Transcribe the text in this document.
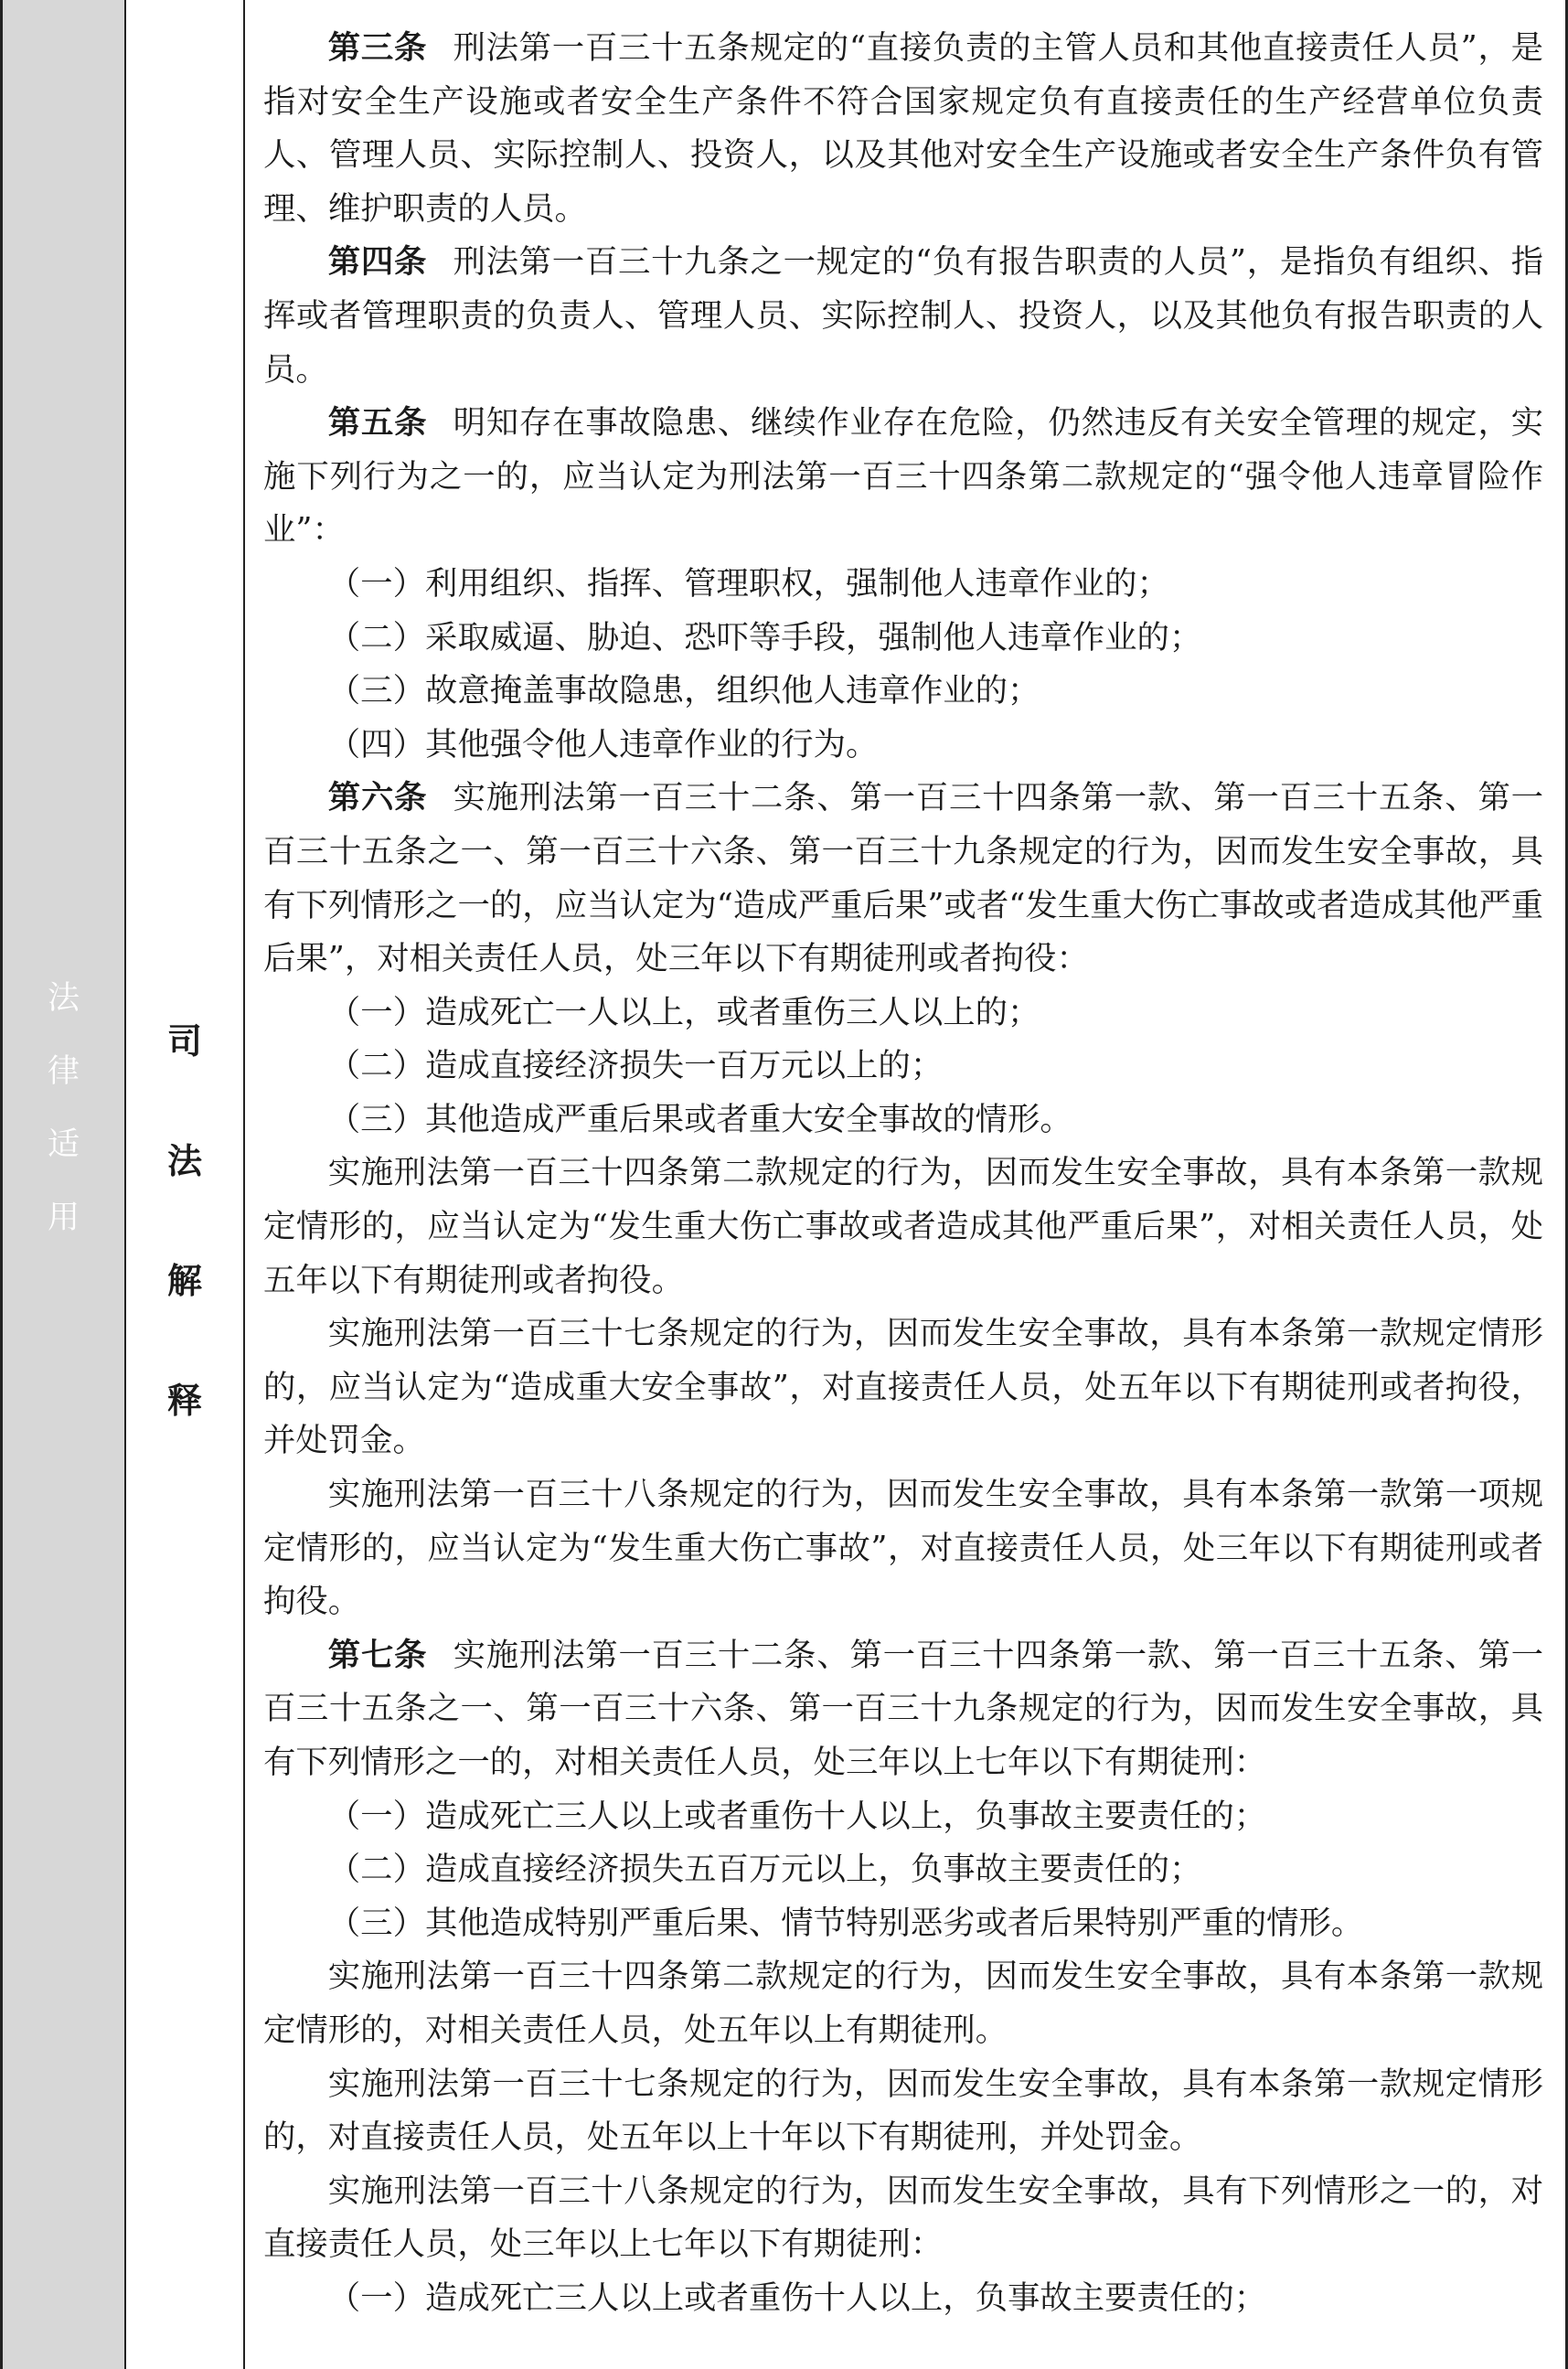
法
律
适
用
司
法
解
释

第三条 刑法第一百三十五条规定的“直接负责的主管人员和其他直接责任人员”，是指对安全生产设施或者安全生产条件不符合国家规定负有直接责任的生产经营单位负责人、管理人员、实际控制人、投资人，以及其他对安全生产设施或者安全生产条件负有管理、维护职责的人员。

第四条 刑法第一百三十九条之一规定的“负有报告职责的人员”，是指负有组织、指挥或者管理职责的负责人、管理人员、实际控制人、投资人，以及其他负有报告职责的人员。

第五条 明知存在事故隐患、继续作业存在危险，仍然违反有关安全管理的规定，实施下列行为之一的，应当认定为刑法第一百三十四条第二款规定的“强令他人违章冒险作业”：

（一）利用组织、指挥、管理职权，强制他人违章作业的；

（二）采取威逼、胁迫、恐吓等手段，强制他人违章作业的；

（三）故意掩盖事故隐患，组织他人违章作业的；

（四）其他强令他人违章作业的行为。

第六条 实施刑法第一百三十二条、第一百三十四条第一款、第一百三十五条、第一百三十五条之一、第一百三十六条、第一百三十九条规定的行为，因而发生安全事故，具有下列情形之一的，应当认定为“造成严重后果”或者“发生重大伤亡事故或者造成其他严重后果”，对相关责任人员，处三年以下有期徒刑或者拘役：

（一）造成死亡一人以上，或者重伤三人以上的；

（二）造成直接经济损失一百万元以上的；

（三）其他造成严重后果或者重大安全事故的情形。

实施刑法第一百三十四条第二款规定的行为，因而发生安全事故，具有本条第一款规定情形的，应当认定为“发生重大伤亡事故或者造成其他严重后果”，对相关责任人员，处五年以下有期徒刑或者拘役。

实施刑法第一百三十七条规定的行为，因而发生安全事故，具有本条第一款规定情形的，应当认定为“造成重大安全事故”，对直接责任人员，处五年以下有期徒刑或者拘役，并处罚金。

实施刑法第一百三十八条规定的行为，因而发生安全事故，具有本条第一款第一项规定情形的，应当认定为“发生重大伤亡事故”，对直接责任人员，处三年以下有期徒刑或者拘役。

第七条 实施刑法第一百三十二条、第一百三十四条第一款、第一百三十五条、第一百三十五条之一、第一百三十六条、第一百三十九条规定的行为，因而发生安全事故，具有下列情形之一的，对相关责任人员，处三年以上七年以下有期徒刑：

（一）造成死亡三人以上或者重伤十人以上，负事故主要责任的；

（二）造成直接经济损失五百万元以上，负事故主要责任的；

（三）其他造成特别严重后果、情节特别恶劣或者后果特别严重的情形。

实施刑法第一百三十四条第二款规定的行为，因而发生安全事故，具有本条第一款规定情形的，对相关责任人员，处五年以上有期徒刑。

实施刑法第一百三十七条规定的行为，因而发生安全事故，具有本条第一款规定情形的，对直接责任人员，处五年以上十年以下有期徒刑，并处罚金。

实施刑法第一百三十八条规定的行为，因而发生安全事故，具有下列情形之一的，对直接责任人员，处三年以上七年以下有期徒刑：

（一）造成死亡三人以上或者重伤十人以上，负事故主要责任的；
